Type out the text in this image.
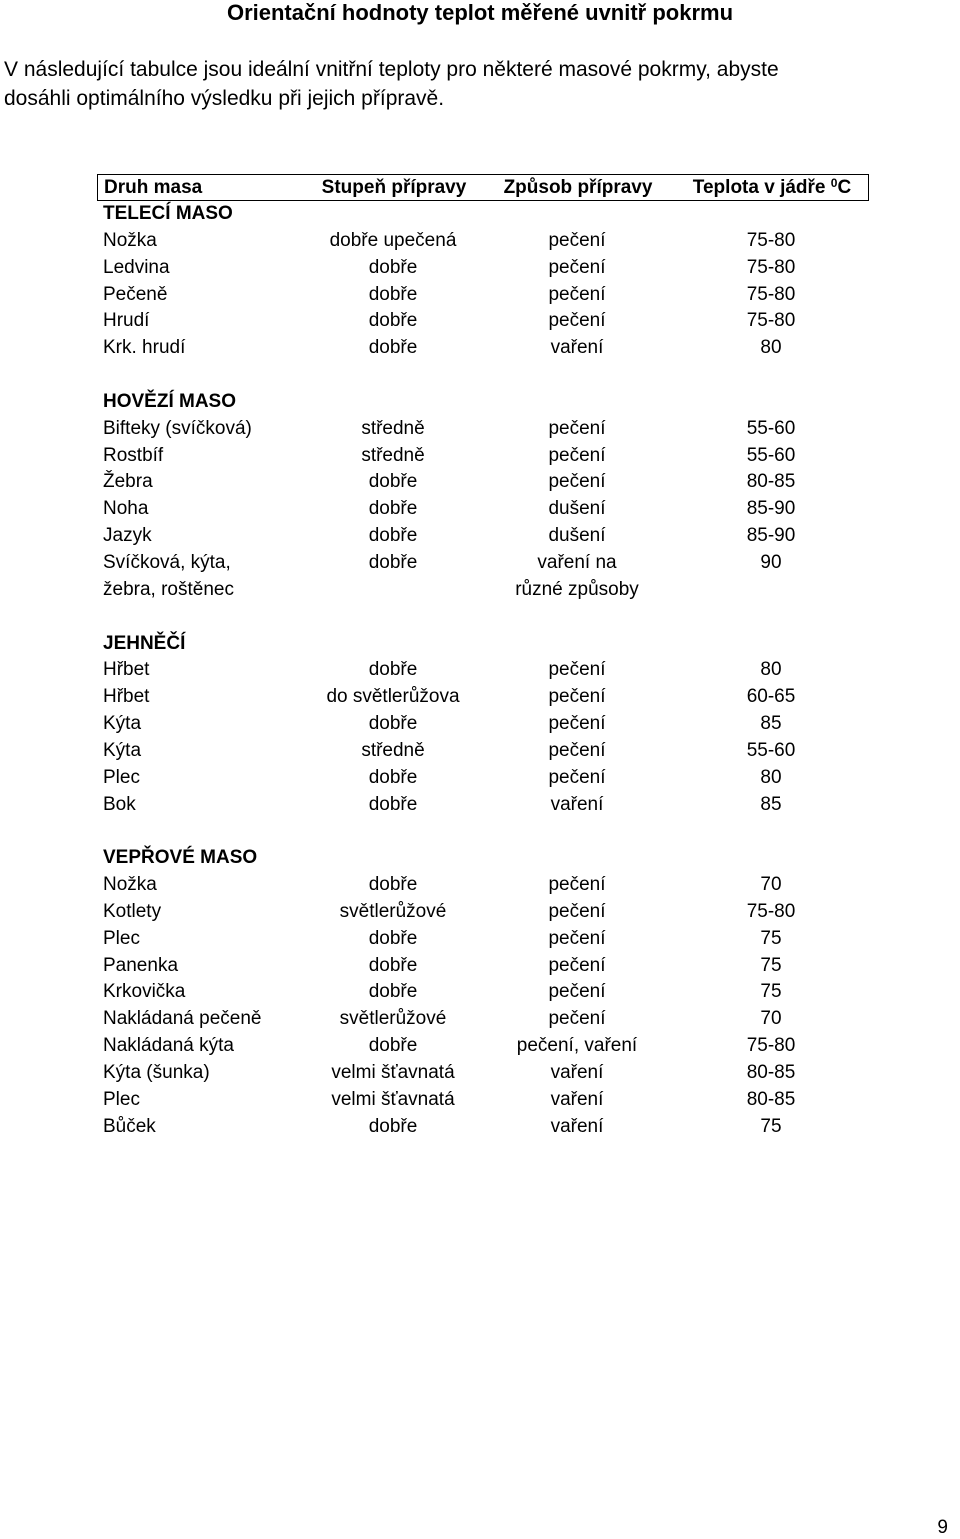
Orientační hodnoty teplot měřené uvnitř pokrmu
V následující tabulce jsou ideální vnitřní teploty pro některé masové pokrmy, abyste
dosáhli optimálního výsledku při jejich přípravě.
Druh masa	Stupeň přípravy	Způsob přípravy	Teplota v jádře $^0$C
TELECÍ MASO
Nožka	dobře upečená	pečení	75-80
Ledvina	dobře	pečení	75-80
Pečeně	dobře	pečení	75-80
Hrudí	dobře	pečení	75-80
Krk. hrudí	dobře	vaření	80
HOVĚZÍ MASO
Bifteky (svíčková)	středně	pečení	55-60
Rostbíf	středně	pečení	55-60
Žebra	dobře	pečení	80-85
Noha	dobře	dušení	85-90
Jazyk	dobře	dušení	85-90
Svíčková, kýta,	dobře	vaření na	90
žebra, roštěnec	různé způsoby
JEHNĚČÍ
Hřbet	dobře	pečení	80
Hřbet	do světlerůžova	pečení	60-65
Kýta	dobře	pečení	85
Kýta	středně	pečení	55-60
Plec	dobře	pečení	80
Bok	dobře	vaření	85
VEPŘOVÉ MASO
Nožka	dobře	pečení	70
Kotlety	světlerůžové	pečení	75-80
Plec	dobře	pečení	75
Panenka	dobře	pečení	75
Krkovička	dobře	pečení	75
Nakládaná pečeně	světlerůžové	pečení	70
Nakládaná kýta	dobře	pečení, vaření	75-80
Kýta (šunka)	velmi šťavnatá	vaření	80-85
Plec	velmi šťavnatá	vaření	80-85
Bůček	dobře	vaření	75
9
